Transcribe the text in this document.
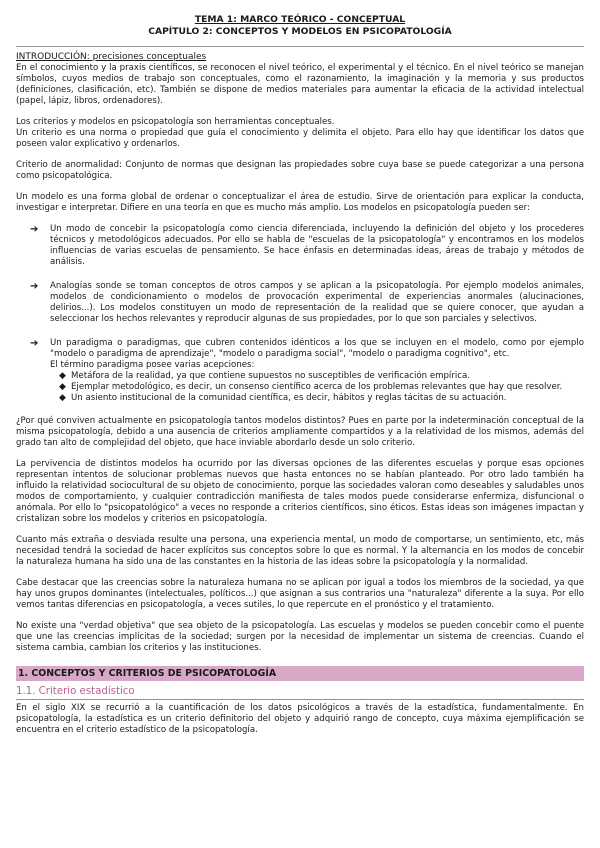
TEMA 1: MARCO TEÓRICO - CONCEPTUAL
CAPÍTULO 2: CONCEPTOS Y MODELOS EN PSICOPATOLOGÍA
INTRODUCCIÓN: precisiones conceptuales

En el conocimiento y la praxis científicos, se reconocen el nivel teórico, el experimental y el técnico. En el nivel teórico se manejan símbolos, cuyos medios de trabajo son conceptuales, como el razonamiento, la imaginación y la memoria y sus productos (definiciones, clasificación, etc). También se dispone de medios materiales para aumentar la eficacia de la actividad intelectual (papel, lápiz, libros, ordenadores).

Los criterios y modelos en psicopatología son herramientas conceptuales.

Un criterio es una norma o propiedad que guía el conocimiento y delimita el objeto. Para ello hay que identificar los datos que poseen valor explicativo y ordenarlos.

Criterio de anormalidad: Conjunto de normas que designan las propiedades sobre cuya base se puede categorizar a una persona como psicopatológica.

Un modelo es una forma global de ordenar o conceptualizar el área de estudio. Sirve de orientación para explicar la conducta, investigar e interpretar. Difiere en una teoría en que es mucho más amplio. Los modelos en psicopatología pueden ser:

➔ Un modo de concebir la psicopatología como ciencia diferenciada, incluyendo la definición del objeto y los procederes técnicos y metodológicos adecuados. Por ello se habla de "escuelas de la psicopatología" y encontramos en los modelos influencias de varias escuelas de pensamiento. Se hace énfasis en determinadas ideas, áreas de trabajo y métodos de análisis.
➔ Analogías sonde se toman conceptos de otros campos y se aplican a la psicopatología. Por ejemplo modelos animales, modelos de condicionamiento o modelos de provocación experimental de experiencias anormales (alucinaciones, delirios...). Los modelos constituyen un modo de representación de la realidad que se quiere conocer, que ayudan a seleccionar los hechos relevantes y reproducir algunas de sus propiedades, por lo que son parciales y selectivos.
➔ Un paradigma o paradigmas, que cubren contenidos idénticos a los que se incluyen en el modelo, como por ejemplo "modelo o paradigma de aprendizaje", "modelo o paradigma social", "modelo o paradigma cognitivo", etc.
El término paradigma posee varias acepciones:
◆ Metáfora de la realidad, ya que contiene supuestos no susceptibles de verificación empírica.
◆ Ejemplar metodológico, es decir, un consenso científico acerca de los problemas relevantes que hay que resolver.
◆ Un asiento institucional de la comunidad científica, es decir, hábitos y reglas tácitas de su actuación.

¿Por qué conviven actualmente en psicopatología tantos modelos distintos? Pues en parte por la indeterminación conceptual de la misma psicopatología, debido a una ausencia de criterios ampliamente compartidos y a la relatividad de los mismos, además del grado tan alto de complejidad del objeto, que hace inviable abordarlo desde un solo criterio.

La pervivencia de distintos modelos ha ocurrido por las diversas opciones de las diferentes escuelas y porque esas opciones representan intentos de solucionar problemas nuevos que hasta entonces no se habían planteado. Por otro lado también ha influido la relatividad sociocultural de su objeto de conocimiento, porque las sociedades valoran como deseables y saludables unos modos de comportamiento, y cualquier contradicción manifiesta de tales modos puede considerarse enfermiza, disfuncional o anómala. Por ello lo "psicopatológico" a veces no responde a criterios científicos, sino éticos. Estas ideas son imágenes impactan y cristalizan sobre los modelos y criterios en psicopatología.

Cuanto más extraña o desviada resulte una persona, una experiencia mental, un modo de comportarse, un sentimiento, etc, más necesidad tendrá la sociedad de hacer explícitos sus conceptos sobre lo que es normal. Y la alternancia en los modos de concebir la naturaleza humana ha sido una de las constantes en la historia de las ideas sobre la psicopatología y la normalidad.

Cabe destacar que las creencias sobre la naturaleza humana no se aplican por igual a todos los miembros de la sociedad, ya que hay unos grupos dominantes (intelectuales, políticos...) que asignan a sus contrarios una "naturaleza" diferente a la suya. Por ello vemos tantas diferencias en psicopatología, a veces sutiles, lo que repercute en el pronóstico y el tratamiento.

No existe una "verdad objetiva" que sea objeto de la psicopatología. Las escuelas y modelos se pueden concebir como el puente que une las creencias implícitas de la sociedad; surgen por la necesidad de implementar un sistema de creencias. Cuando el sistema cambia, cambian los criterios y las instituciones.

1. CONCEPTOS Y CRITERIOS DE PSICOPATOLOGÍA
1.1. Criterio estadístico

En el siglo XIX se recurrió a la cuantificación de los datos psicológicos a través de la estadística, fundamentalmente. En psicopatología, la estadística es un criterio definitorio del objeto y adquirió rango de concepto, cuya máxima ejemplificación se encuentra en el criterio estadístico de la psicopatología.
